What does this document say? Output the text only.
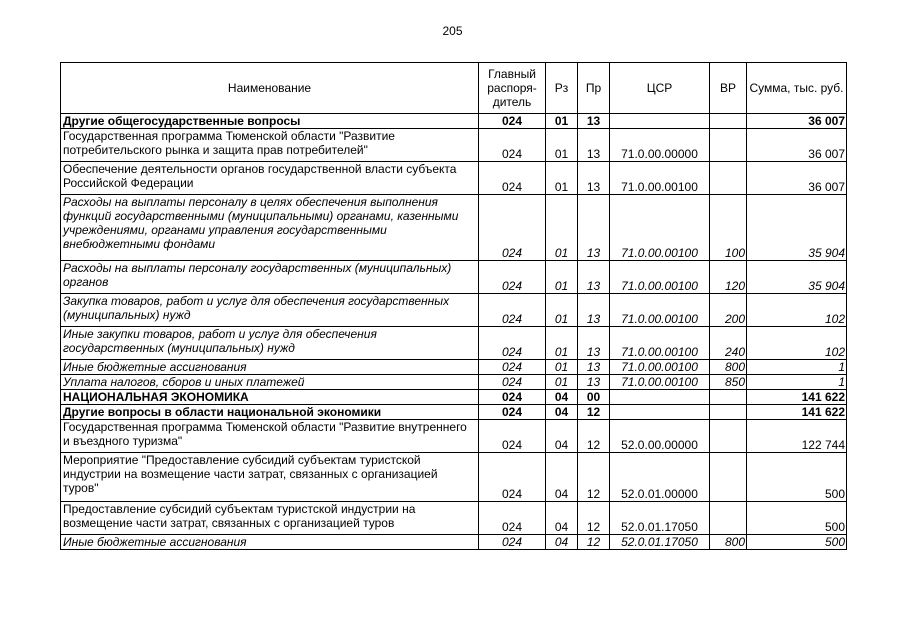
205
Наименование	Главный распоря-дитель	Рз	Пр	ЦСР	ВР	Сумма, тыс. руб.
Другие общегосударственные вопросы	024	01	13			36 007
Государственная программа Тюменской области "Развитие потребительского рынка и защита прав потребителей"	024	01	13	71.0.00.00000		36 007
Обеспечение деятельности органов государственной власти субъекта Российской Федерации	024	01	13	71.0.00.00100		36 007
Расходы на выплаты персоналу в целях обеспечения выполнения функций государственными (муниципальными) органами, казенными учреждениями, органами управления государственными внебюджетными фондами	024	01	13	71.0.00.00100	100	35 904
Расходы на выплаты персоналу государственных (муниципальных) органов	024	01	13	71.0.00.00100	120	35 904
Закупка товаров, работ и услуг для обеспечения государственных (муниципальных) нужд	024	01	13	71.0.00.00100	200	102
Иные закупки товаров, работ и услуг для обеспечения государственных (муниципальных) нужд	024	01	13	71.0.00.00100	240	102
Иные бюджетные ассигнования	024	01	13	71.0.00.00100	800	1
Уплата налогов, сборов и иных платежей	024	01	13	71.0.00.00100	850	1
НАЦИОНАЛЬНАЯ ЭКОНОМИКА	024	04	00			141 622
Другие вопросы в области национальной экономики	024	04	12			141 622
Государственная программа Тюменской области "Развитие внутреннего и въездного туризма"	024	04	12	52.0.00.00000		122 744
Мероприятие "Предоставление субсидий субъектам туристской индустрии на возмещение части затрат, связанных с организацией туров"	024	04	12	52.0.01.00000		500
Предоставление субсидий субъектам туристской индустрии на возмещение части затрат, связанных с организацией туров	024	04	12	52.0.01.17050		500
Иные бюджетные ассигнования	024	04	12	52.0.01.17050	800	500
